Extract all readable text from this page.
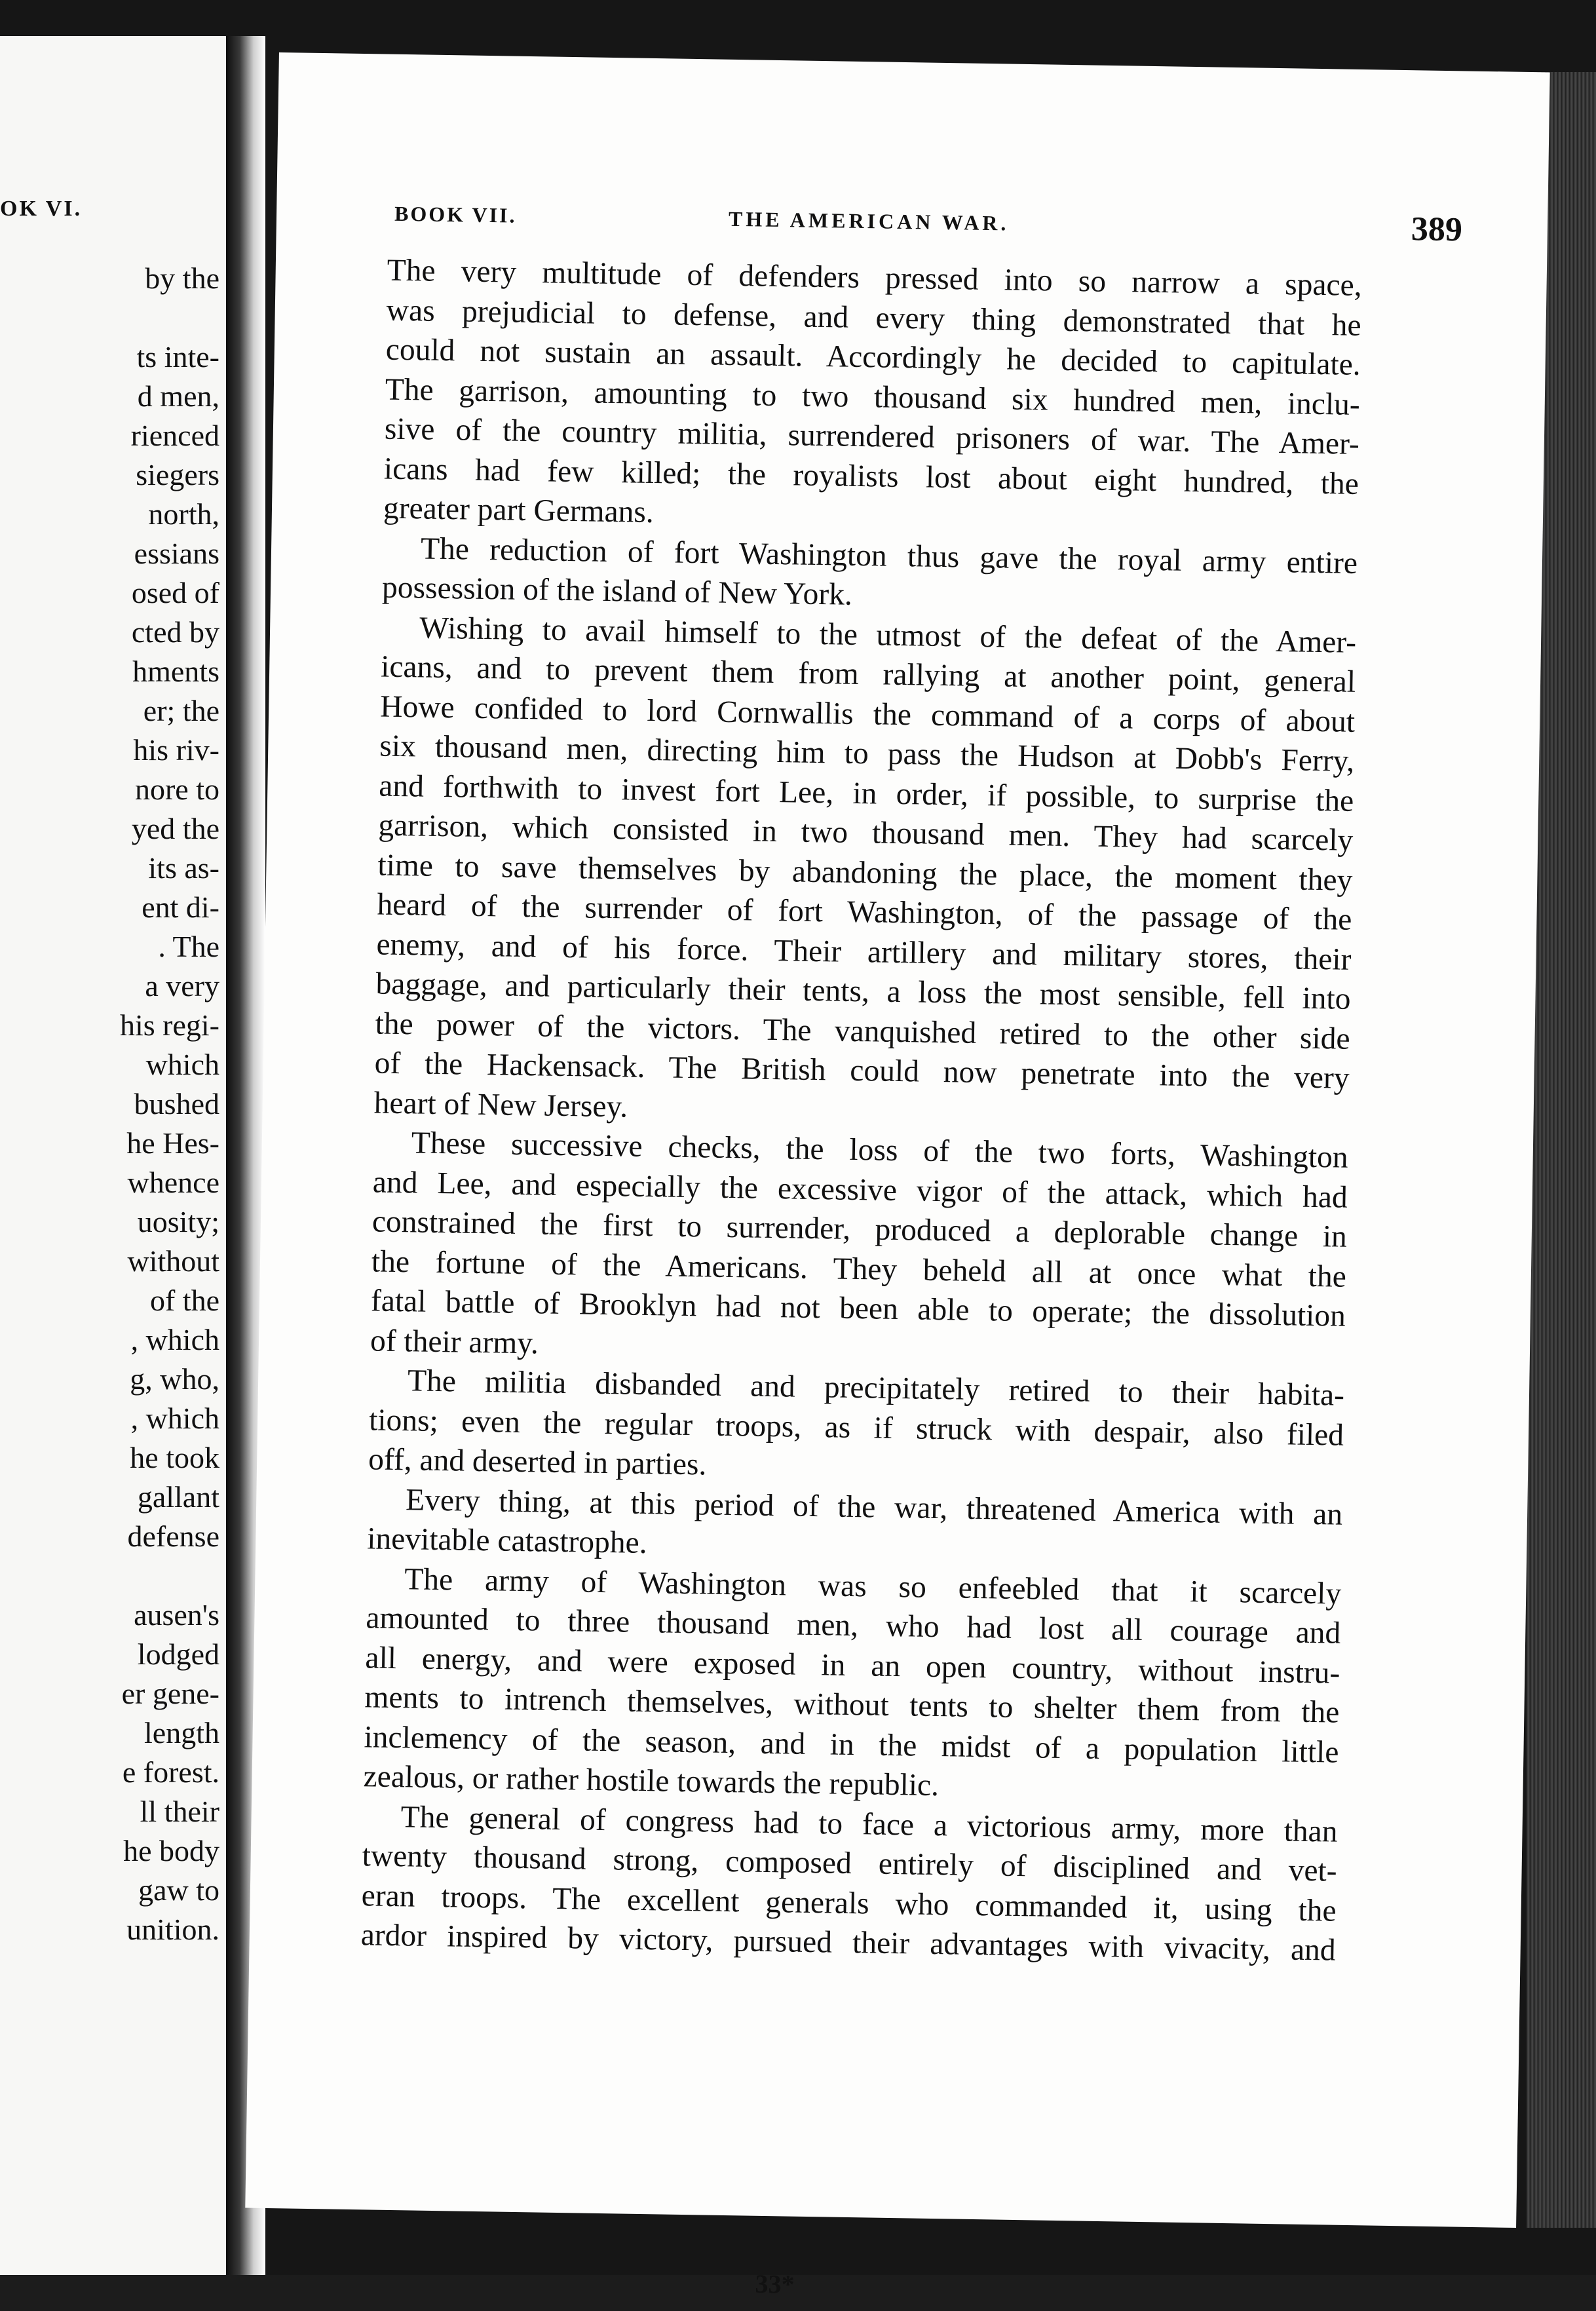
OK VI.
by the
ts inte-
d men,
rienced
siegers
north,
essians
osed of
cted by
hments
er; the
his riv-
nore to
yed the
its as-
ent di-
. The
a very
his regi-
which
bushed
he Hes-
whence
uosity;
without
of the
, which
g, who,
, which
he took
gallant
defense
ausen's
lodged
er gene-
length
e forest.
ll their
he body
gaw to
unition.
BOOK VII.	THE AMERICAN WAR.	389
The very multitude of defenders pressed into so narrow a space,
was prejudicial to defense, and every thing demonstrated that he
could not sustain an assault. Accordingly he decided to capitulate.
The garrison, amounting to two thousand six hundred men, inclu-
sive of the country militia, surrendered prisoners of war. The Amer-
icans had few killed; the royalists lost about eight hundred, the
greater part Germans.
The reduction of fort Washington thus gave the royal army entire
possession of the island of New York.
Wishing to avail himself to the utmost of the defeat of the Amer-
icans, and to prevent them from rallying at another point, general
Howe confided to lord Cornwallis the command of a corps of about
six thousand men, directing him to pass the Hudson at Dobb's Ferry,
and forthwith to invest fort Lee, in order, if possible, to surprise the
garrison, which consisted in two thousand men. They had scarcely
time to save themselves by abandoning the place, the moment they
heard of the surrender of fort Washington, of the passage of the
enemy, and of his force. Their artillery and military stores, their
baggage, and particularly their tents, a loss the most sensible, fell into
the power of the victors. The vanquished retired to the other side
of the Hackensack. The British could now penetrate into the very
heart of New Jersey.
These successive checks, the loss of the two forts, Washington
and Lee, and especially the excessive vigor of the attack, which had
constrained the first to surrender, produced a deplorable change in
the fortune of the Americans. They beheld all at once what the
fatal battle of Brooklyn had not been able to operate; the dissolution
of their army.
The militia disbanded and precipitately retired to their habita-
tions; even the regular troops, as if struck with despair, also filed
off, and deserted in parties.
Every thing, at this period of the war, threatened America with an
inevitable catastrophe.
The army of Washington was so enfeebled that it scarcely
amounted to three thousand men, who had lost all courage and
all energy, and were exposed in an open country, without instru-
ments to intrench themselves, without tents to shelter them from the
inclemency of the season, and in the midst of a population little
zealous, or rather hostile towards the republic.
The general of congress had to face a victorious army, more than
twenty thousand strong, composed entirely of disciplined and vet-
eran troops. The excellent generals who commanded it, using the
ardor inspired by victory, pursued their advantages with vivacity, and
33*
